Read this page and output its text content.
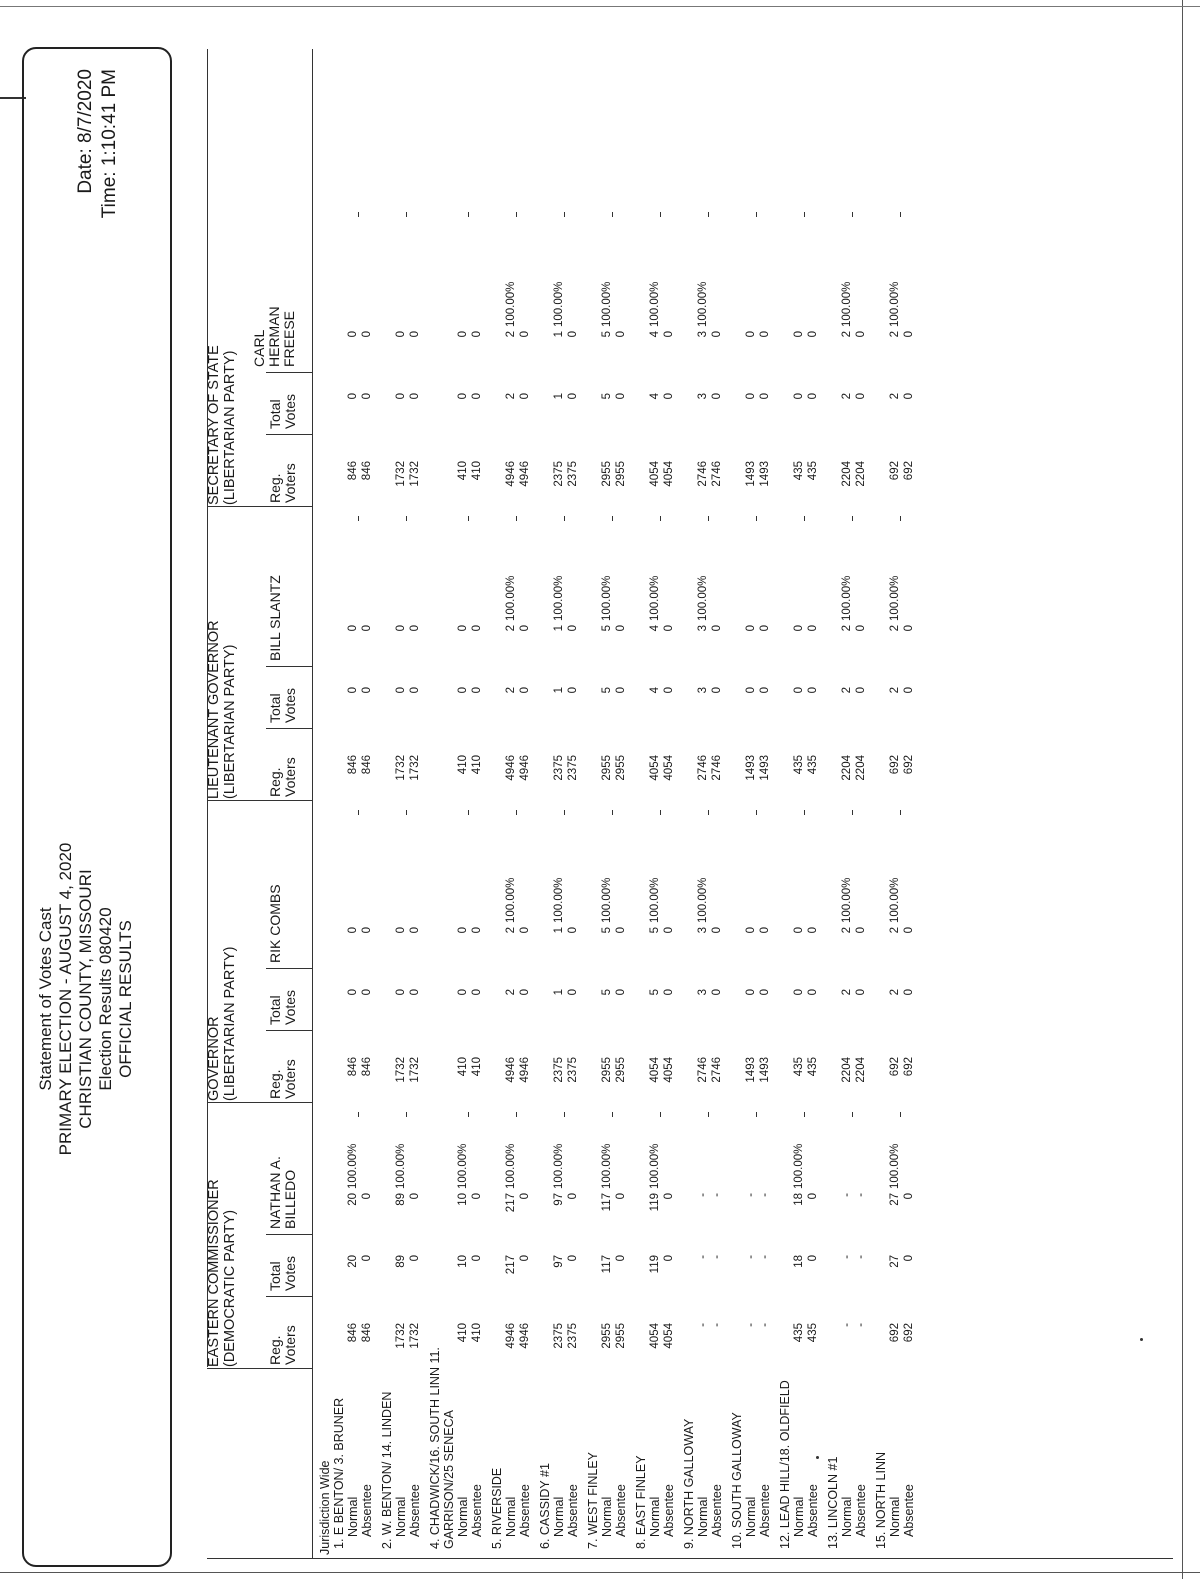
Statement of Votes Cast PRIMARY ELECTION - AUGUST 4, 2020 CHRISTIAN COUNTY, MISSOURI Election Results 080420 OFFICIAL RESULTS
Date:8/7/2020
Time:1:10:41 PM
EASTERN COMMISSIONER (DEMOCRATIC PARTY) Reg. Voters
Total Votes
NATHAN A. BILLEDO
GOVERNOR (LIBERTARIAN PARTY) Reg. Voters
Total Votes
RIK COMBS
LIEUTENANT GOVERNOR (LIBERTARIAN PARTY) Reg. Voters
Total Votes
BILL SLANTZ
SECRETARY OF STATE (LIBERTARIAN PARTY) Reg. Voters
Total Votes
CARL HERMAN FREESE
Jurisdiction Wide 1. E BENTON/ 3. BRUNER Normal
846
20
20
100.00%
846
0
0
846
0
0
846
0
0
Absentee
846
0
0
846
0
0
846
0
0
846
0
0
2. W. BENTON/ 14. LINDEN Normal
1732
89
89
100.00%
1732
0
0
1732
0
0
1732
0
0
Absentee
1732
0
0
1732
0
0
1732
0
0
1732
0
0
4. CHADWICK/16. SOUTH LINN 11. GARRISON/25 SENECA Normal
410
10
10
100.00%
410
0
0
410
0
0
410
0
0
Absentee
410
0
0
410
0
0
410
0
0
410
0
0
5. RIVERSIDE Normal
4946
217
217
100.00%
4946
2
2
100.00%
4946
2
2
100.00%
4946
2
2
100.00%
Absentee
4946
0
0
4946
0
0
4946
0
0
4946
0
0
6. CASSIDY #1 Normal
2375
97
97
100.00%
2375
1
1
100.00%
2375
1
1
100.00%
2375
1
1
100.00%
Absentee
2375
0
0
2375
0
0
2375
0
0
2375
0
0
7. WEST FINLEY Normal
2955
117
117
100.00%
2955
5
5
100.00%
2955
5
5
100.00%
2955
5
5
100.00%
Absentee
2955
0
0
2955
0
0
2955
0
0
2955
0
0
8. EAST FINLEY Normal
4054
119
119
100.00%
4054
5
5
100.00%
4054
4
4
100.00%
4054
4
4
100.00%
Absentee
4054
0
0
4054
0
0
4054
0
0
4054
0
0
9. NORTH GALLOWAY Normal
-
-
-
2746
3
3
100.00%
2746
3
3
100.00%
2746
3
3
100.00%
Absentee
-
-
-
2746
0
0
2746
0
0
2746
0
0
10. SOUTH GALLOWAY Normal
-
-
-
1493
0
0
1493
0
0
1493
0
0
Absentee
-
-
-
1493
0
0
1493
0
0
1493
0
0
12. LEAD HILL/18. OLDFIELD Normal
435
18
18
100.00%
435
0
0
435
0
0
435
0
0
Absentee
435
0
0
435
0
0
435
0
0
435
0
0
13. LINCOLN #1 Normal
-
-
-
2204
2
2
100.00%
2204
2
2
100.00%
2204
2
2
100.00%
Absentee
-
-
-
2204
0
0
2204
0
0
2204
0
0
15. NORTH LINN Normal
692
27
27
100.00%
692
2
2
100.00%
692
2
2
100.00%
692
2
2
100.00%
Absentee
692
0
0
692
0
0
692
0
0
692
0
0
